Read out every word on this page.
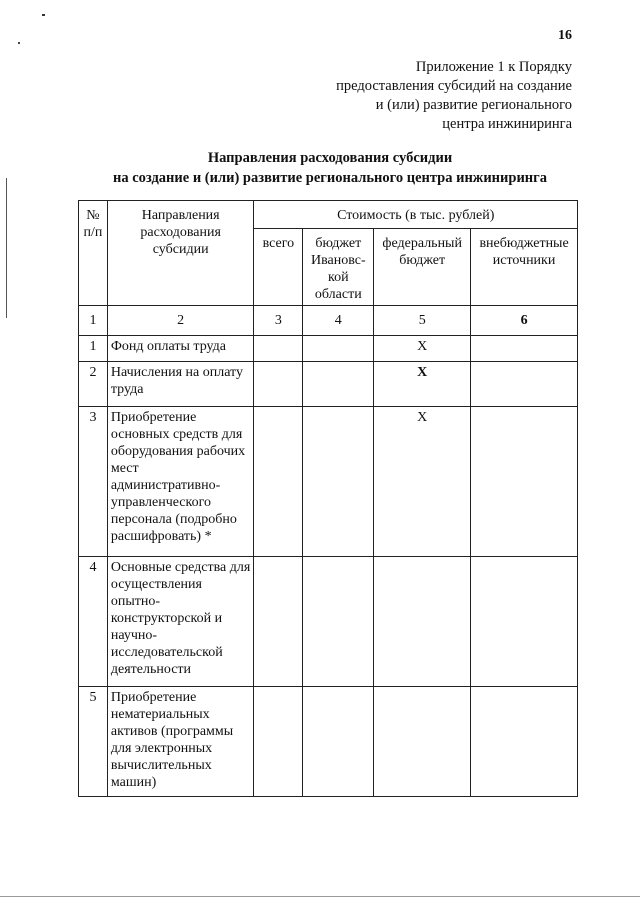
16
Приложение 1 к Порядку
предоставления субсидий на создание
и (или) развитие регионального
центра инжиниринга
Направления расходования субсидии
на создание и (или) развитие регионального центра инжиниринга
№ п/п	Направления расходования субсидии	Стоимость (в тыс. рублей)			

		всего	бюджет Ивановс-кой области	федеральный бюджет	внебюджетные источники

1	2	3	4	5	6
1	Фонд оплаты труда			X	
2	Начисления на оплату труда			X	
3	Приобретение основных средств для оборудования рабочих мест административно-управленческого персонала (подробно расшифровать) *			X	
4	Основные средства для осуществления опытно-конструкторской и научно-исследовательской деятельности				
5	Приобретение нематериальных активов (программы для электронных вычислительных машин)				
